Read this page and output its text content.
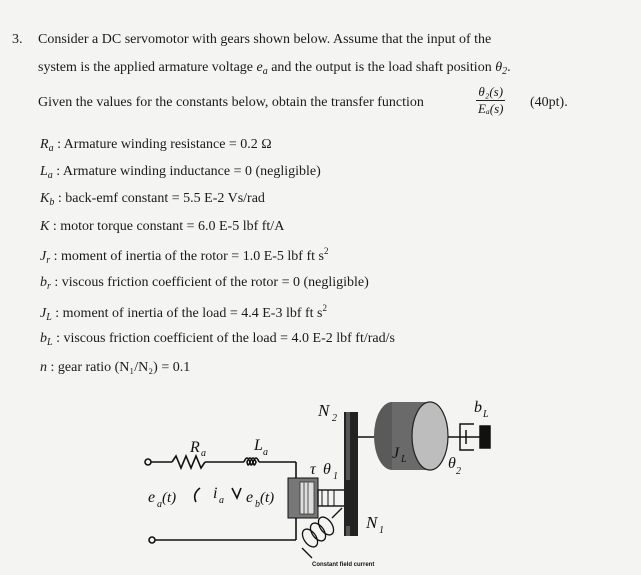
3. Consider a DC servomotor with gears shown below. Assume that the input of the
system is the applied armature voltage $e_a$ and the output is the load shaft position $\theta_2$.
Given the values for the constants below, obtain the transfer function	$\frac{\text{θ₂(s)}}{\text{Eₐ(s)}} (40pt)$.
$R_a$ : Armature winding resistance = 0.2 Ω
$L_a$ : Armature winding inductance = 0 (negligible)
$K_b$ : back-emf constant = 5.5 E-2 Vs/rad
K : motor torque constant = 6.0 E-5 lbf ft/A
$J_r$ : moment of inertia of the rotor = 1.0 E-5 lbf ft $s^2$
$b_r$ : viscous friction coefficient of the rotor = 0 (negligible)
$J_L$ : moment of inertia of the load = 4.4 E-3 lbf ft $s^2$
$b_L$ : viscous friction coefficient of the load = 4.0 E-2 lbf ft/rad/s
n : gear ratio (N₁/N₂) = 0.1
R a	L a
e a (t) i a e b (t)
τ θ 1
N 2
N 1
J L
b L
θ 2
Constant field current
